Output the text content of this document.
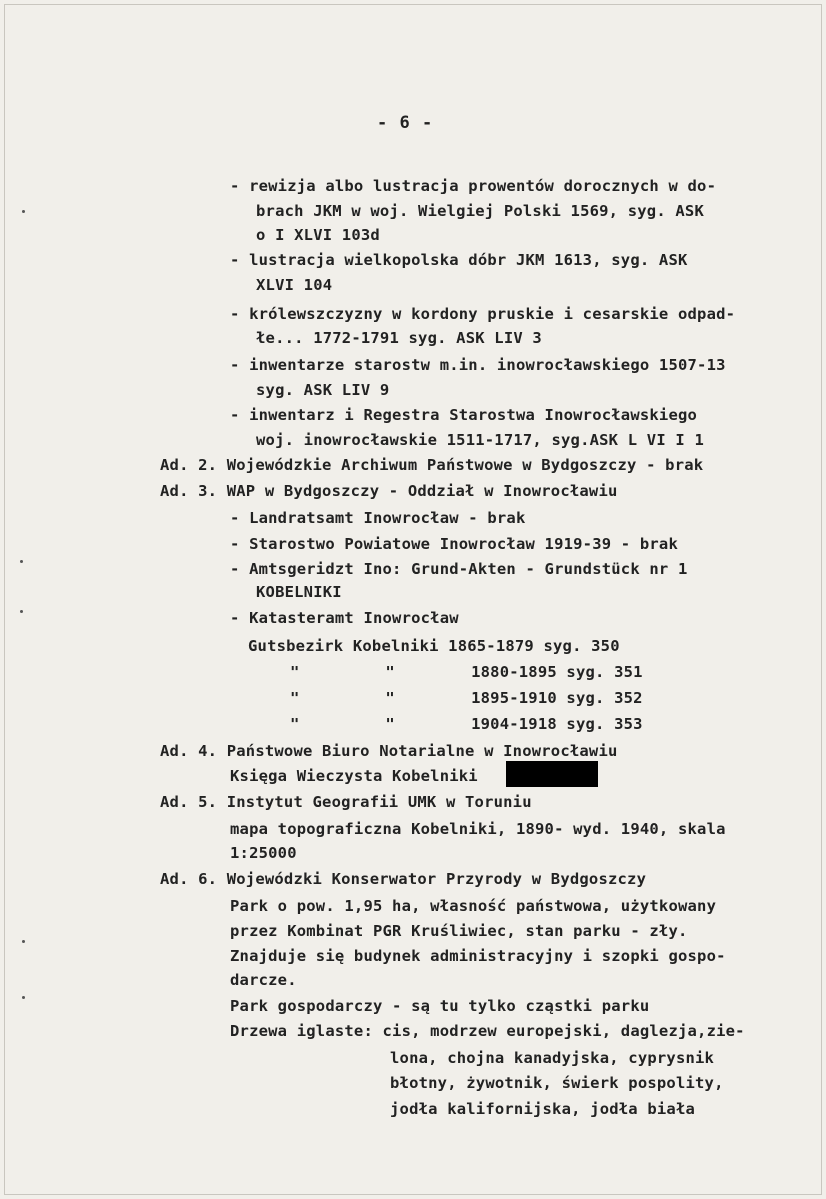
- 6 -
- rewizja albo lustracja prowentów dorocznych w do-
brach JKM w woj. Wielgiej Polski 1569, syg. ASK
o I XLVI 103d
- lustracja wielkopolska dóbr JKM 1613, syg. ASK
XLVI 104
- królewszczyzny w kordony pruskie i cesarskie odpad-
łe... 1772-1791 syg. ASK LIV 3
- inwentarze starostw m.in. inowrocławskiego 1507-13
syg. ASK LIV 9
- inwentarz i Regestra Starostwa Inowrocławskiego
woj. inowrocławskie 1511-1717, syg.ASK L VI I 1
Ad. 2. Wojewódzkie Archiwum Państwowe w Bydgoszczy - brak
Ad. 3. WAP w Bydgoszczy - Oddział w Inowrocławiu
- Landratsamt Inowrocław - brak
- Starostwo Powiatowe Inowrocław 1919-39 - brak
- Amtsgeridzt Ino: Grund-Akten - Grundstück nr 1
KOBELNIKI
- Katasteramt Inowrocław
Gutsbezirk Kobelniki 1865-1879 syg. 350
"         "        1880-1895 syg. 351
"         "        1895-1910 syg. 352
"         "        1904-1918 syg. 353
Ad. 4. Państwowe Biuro Notarialne w Inowrocławiu
Księga Wieczysta Kobelniki
Ad. 5. Instytut Geografii UMK w Toruniu
mapa topograficzna Kobelniki, 1890- wyd. 1940, skala
1:25000
Ad. 6. Wojewódzki Konserwator Przyrody w Bydgoszczy
Park o pow. 1,95 ha, własność państwowa, użytkowany
przez Kombinat PGR Kruśliwiec, stan parku - zły.
Znajduje się budynek administracyjny i szopki gospo-
darcze.
Park gospodarczy - są tu tylko cząstki parku
Drzewa iglaste: cis, modrzew europejski, daglezja,zie-
lona, chojna kanadyjska, cyprysnik
błotny, żywotnik, świerk pospolity,
jodła kalifornijska, jodła biała
